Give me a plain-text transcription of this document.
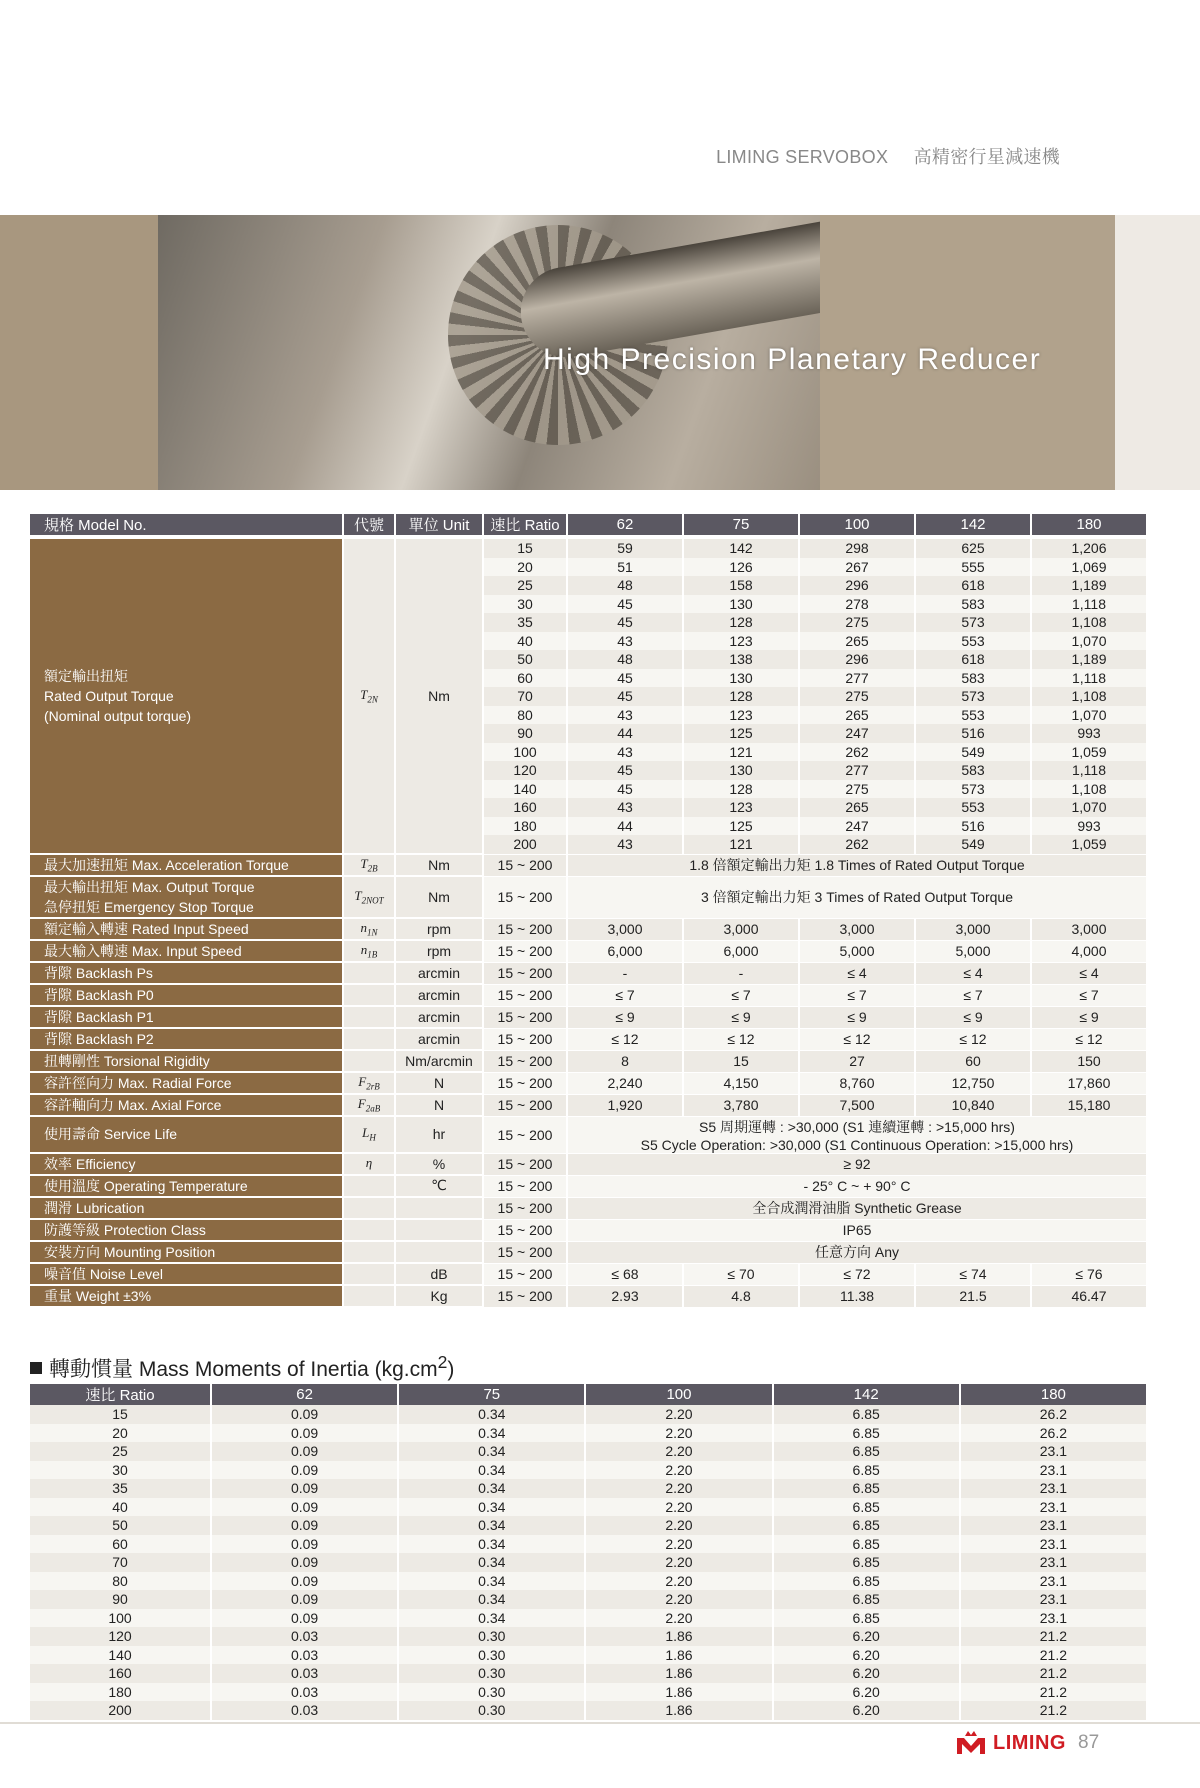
LIMING SERVOBOX 高精密行星減速機
High Precision Planetary Reducer
規格 Model No.	代號	單位 Unit	速比 Ratio	62	75	100	142	180

額定輸出扭矩
Rated Output Torque
(Nominal output torque)	$T_{2N}$	Nm	15	59	142	298	625	1,206
			20	51	126	267	555	1,069
			25	48	158	296	618	1,189
			30	45	130	278	583	1,118
			35	45	128	275	573	1,108
			40	43	123	265	553	1,070
			50	48	138	296	618	1,189
			60	45	130	277	583	1,118
			70	45	128	275	573	1,108
			80	43	123	265	553	1,070
			90	44	125	247	516	993
			100	43	121	262	549	1,059
			120	45	130	277	583	1,118
			140	45	128	275	573	1,108
			160	43	123	265	553	1,070
			180	44	125	247	516	993
			200	43	121	262	549	1,059

最大加速扭矩 Max. Acceleration Torque	$T_{2B}$	Nm	15 ~ 200	1.8 倍額定輸出力矩 1.8 Times of Rated Output Torque				

最大輸出扭矩 Max. Output Torque
急停扭矩 Emergency Stop Torque	$T_{2NOT}$	Nm	15 ~ 200	3 倍額定輸出力矩 3 Times of Rated Output Torque				

額定輸入轉速 Rated Input Speed	$n_{1N}$	rpm	15 ~ 200	3,000	3,000	3,000	3,000	3,000

最大輸入轉速 Max. Input Speed	$n_{1B}$	rpm	15 ~ 200	6,000	6,000	5,000	5,000	4,000

背隙 Backlash Ps		arcmin	15 ~ 200	-	-	≤ 4	≤ 4	≤ 4

背隙 Backlash P0		arcmin	15 ~ 200	≤ 7	≤ 7	≤ 7	≤ 7	≤ 7

背隙 Backlash P1		arcmin	15 ~ 200	≤ 9	≤ 9	≤ 9	≤ 9	≤ 9

背隙 Backlash P2		arcmin	15 ~ 200	≤ 12	≤ 12	≤ 12	≤ 12	≤ 12

扭轉剛性 Torsional Rigidity		Nm/arcmin	15 ~ 200	8	15	27	60	150

容許徑向力 Max. Radial Force	$F_{2rB}$	N	15 ~ 200	2,240	4,150	8,760	12,750	17,860

容許軸向力 Max. Axial Force	$F_{2aB}$	N	15 ~ 200	1,920	3,780	7,500	10,840	15,180

使用壽命 Service Life	$L_H$	hr	15 ~ 200	S5 周期運轉 : >30,000 (S1 連續運轉 : >15,000 hrs)
S5 Cycle Operation: >30,000 (S1 Continuous Operation: >15,000 hrs)				

效率 Efficiency	η	%	15 ~ 200	≥ 92				

使用溫度 Operating Temperature		℃	15 ~ 200	- 25° C ~ + 90° C				

潤滑 Lubrication			15 ~ 200	全合成潤滑油脂 Synthetic Grease				

防護等級 Protection Class			15 ~ 200	IP65				

安裝方向 Mounting Position			15 ~ 200	任意方向 Any				

噪音值 Noise Level		dB	15 ~ 200	≤ 68	≤ 70	≤ 72	≤ 74	≤ 76

重量 Weight ±3%		Kg	15 ~ 200	2.93	4.8	11.38	21.5	46.47
轉動慣量 Mass Moments of Inertia $(kg.cm^2)$
速比 Ratio	62	75	100	142	180
15	0.09	0.34	2.20	6.85	26.2
20	0.09	0.34	2.20	6.85	26.2
25	0.09	0.34	2.20	6.85	23.1
30	0.09	0.34	2.20	6.85	23.1
35	0.09	0.34	2.20	6.85	23.1
40	0.09	0.34	2.20	6.85	23.1
50	0.09	0.34	2.20	6.85	23.1
60	0.09	0.34	2.20	6.85	23.1
70	0.09	0.34	2.20	6.85	23.1
80	0.09	0.34	2.20	6.85	23.1
90	0.09	0.34	2.20	6.85	23.1
100	0.09	0.34	2.20	6.85	23.1
120	0.03	0.30	1.86	6.20	21.2
140	0.03	0.30	1.86	6.20	21.2
160	0.03	0.30	1.86	6.20	21.2
180	0.03	0.30	1.86	6.20	21.2
200	0.03	0.30	1.86	6.20	21.2
LIMING 87
